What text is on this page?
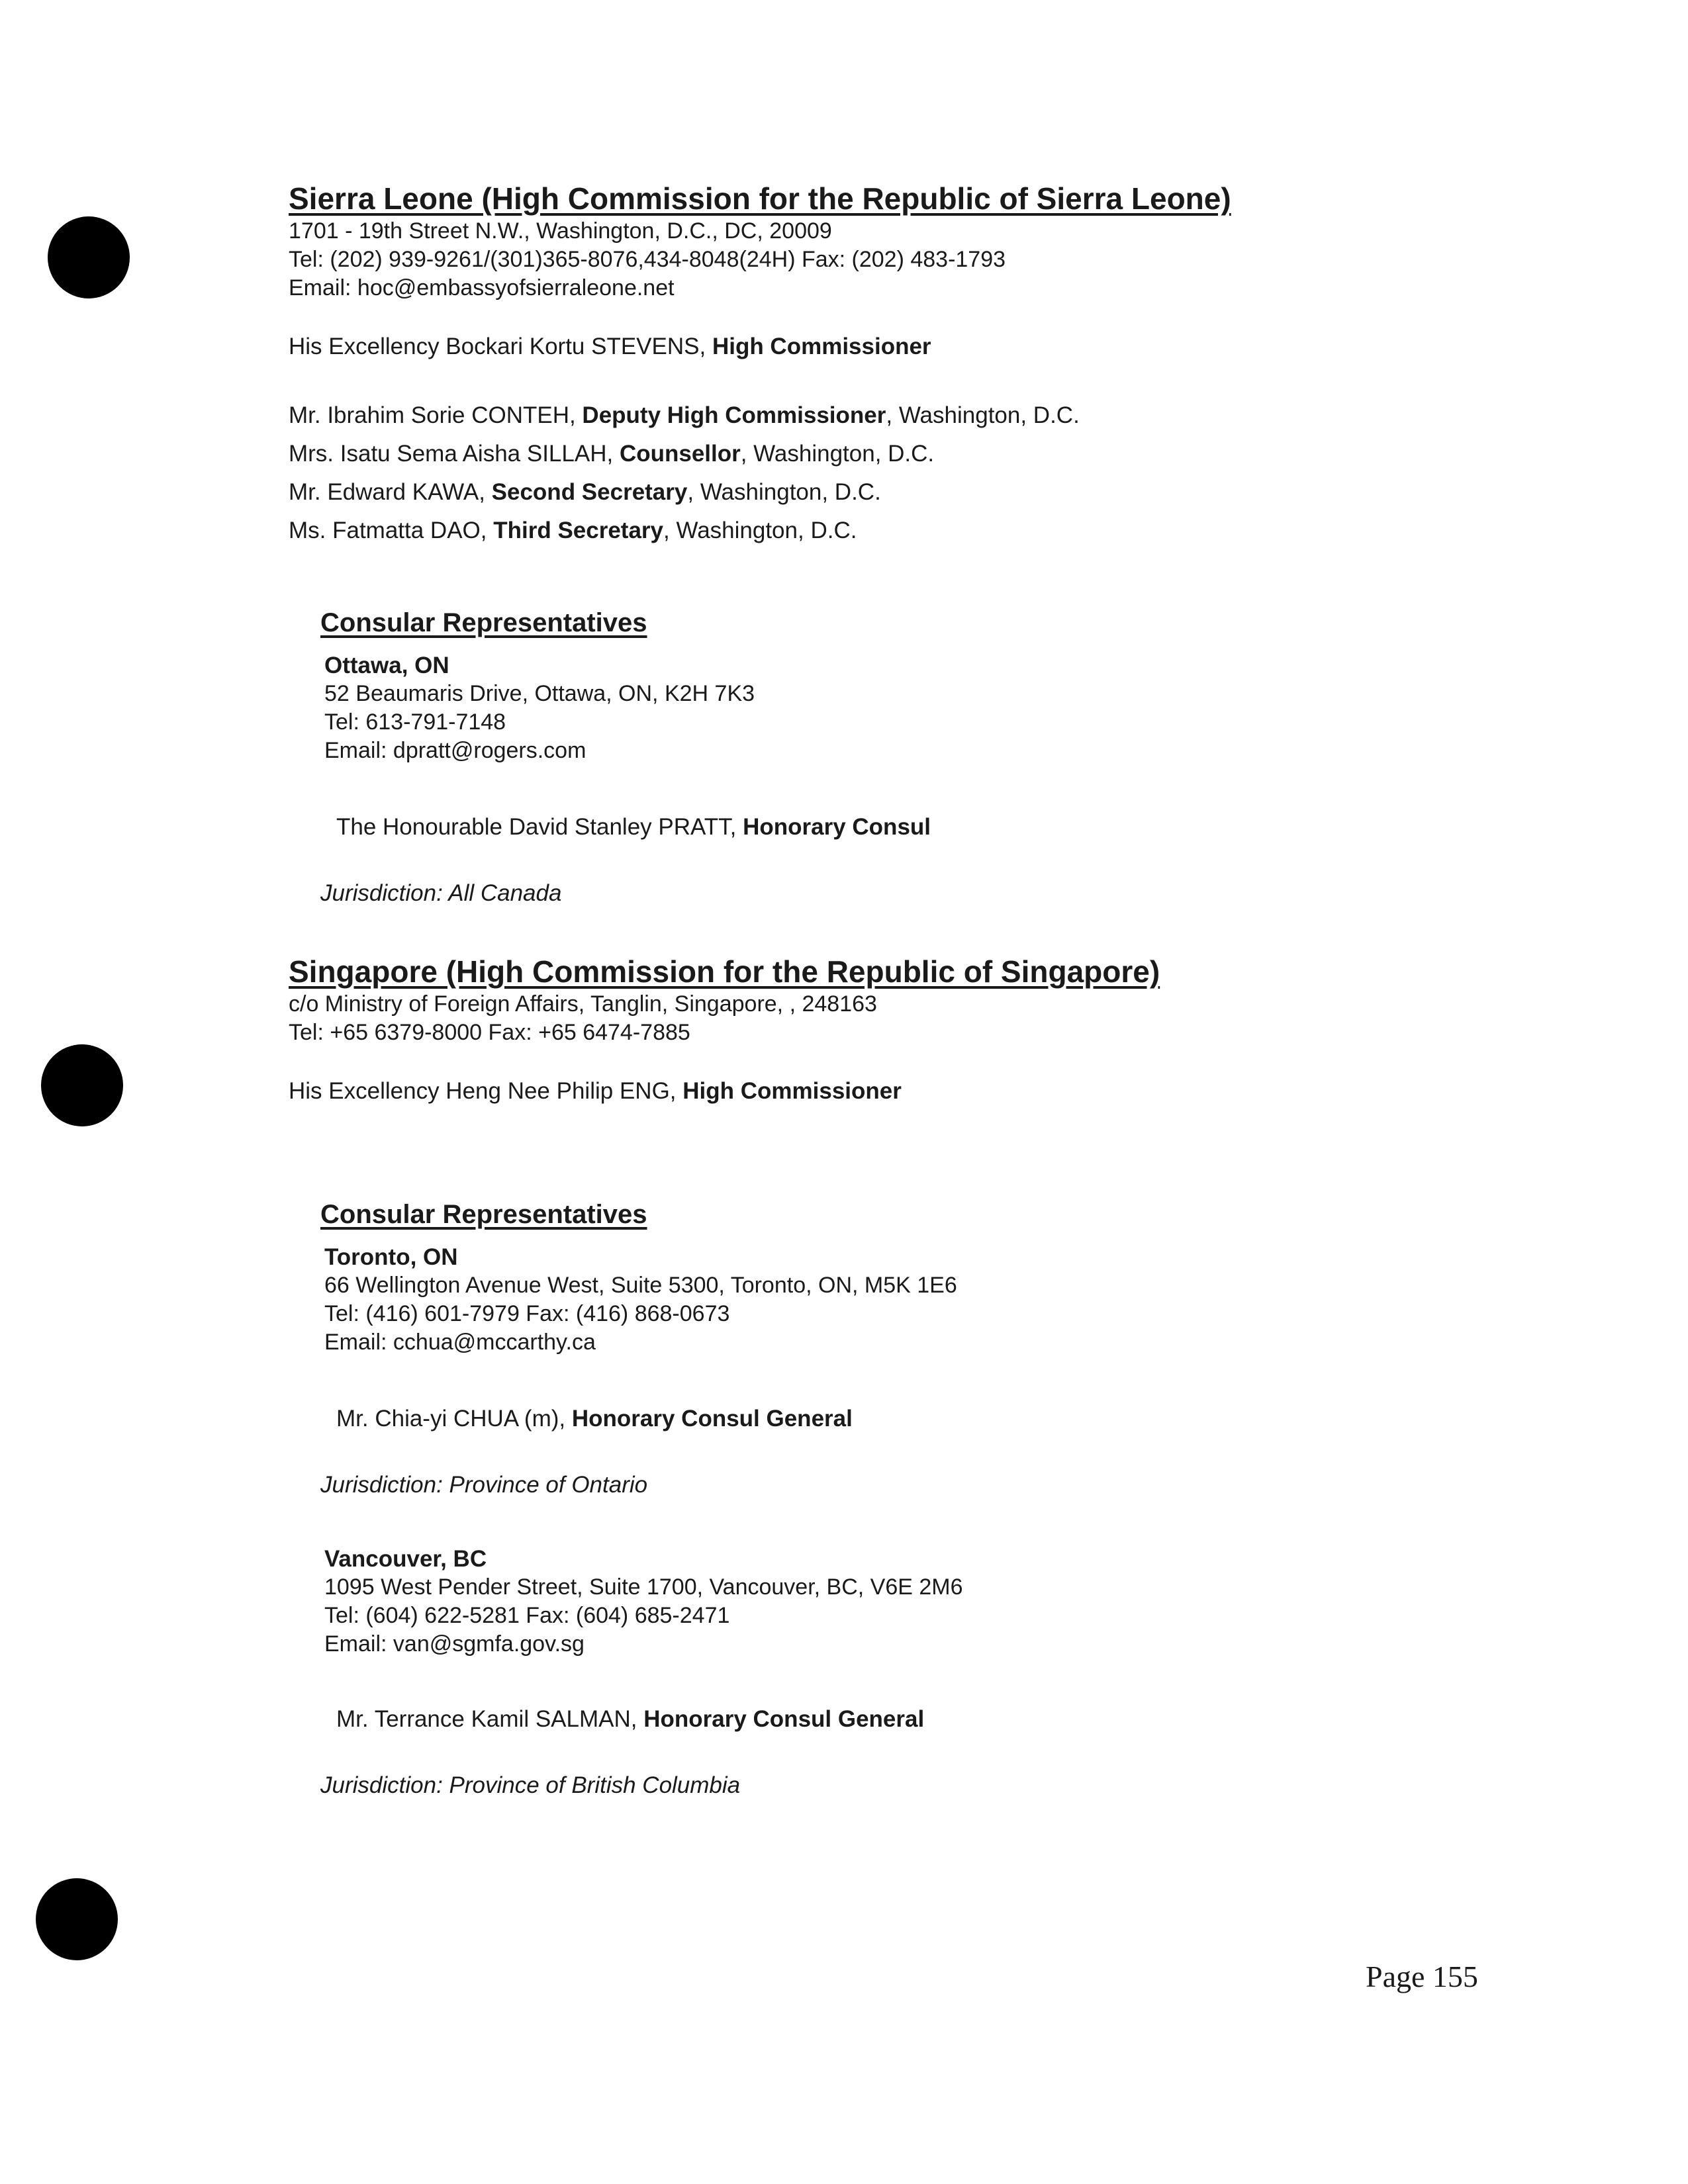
Sierra Leone (High Commission for the Republic of Sierra Leone)
1701 - 19th Street N.W., Washington, D.C., DC, 20009
Tel: (202) 939-9261/(301)365-8076,434-8048(24H) Fax: (202) 483-1793
Email: hoc@embassyofsierraleone.net
His Excellency Bockari Kortu STEVENS, High Commissioner
Mr. Ibrahim Sorie CONTEH, Deputy High Commissioner, Washington, D.C.
Mrs. Isatu Sema Aisha SILLAH, Counsellor, Washington, D.C.
Mr. Edward KAWA, Second Secretary, Washington, D.C.
Ms. Fatmatta DAO, Third Secretary, Washington, D.C.
Consular Representatives
Ottawa, ON
52 Beaumaris Drive, Ottawa, ON, K2H 7K3
Tel: 613-791-7148
Email: dpratt@rogers.com
The Honourable David Stanley PRATT, Honorary Consul
Jurisdiction: All Canada
Singapore (High Commission for the Republic of Singapore)
c/o Ministry of Foreign Affairs, Tanglin, Singapore, , 248163
Tel: +65 6379-8000 Fax: +65 6474-7885
His Excellency Heng Nee Philip ENG, High Commissioner
Consular Representatives
Toronto, ON
66 Wellington Avenue West, Suite 5300, Toronto, ON, M5K 1E6
Tel: (416) 601-7979 Fax: (416) 868-0673
Email: cchua@mccarthy.ca
Mr. Chia-yi CHUA (m), Honorary Consul General
Jurisdiction: Province of Ontario
Vancouver, BC
1095 West Pender Street, Suite 1700, Vancouver, BC, V6E 2M6
Tel: (604) 622-5281 Fax: (604) 685-2471
Email: van@sgmfa.gov.sg
Mr. Terrance Kamil SALMAN, Honorary Consul General
Jurisdiction: Province of British Columbia
Page 155
